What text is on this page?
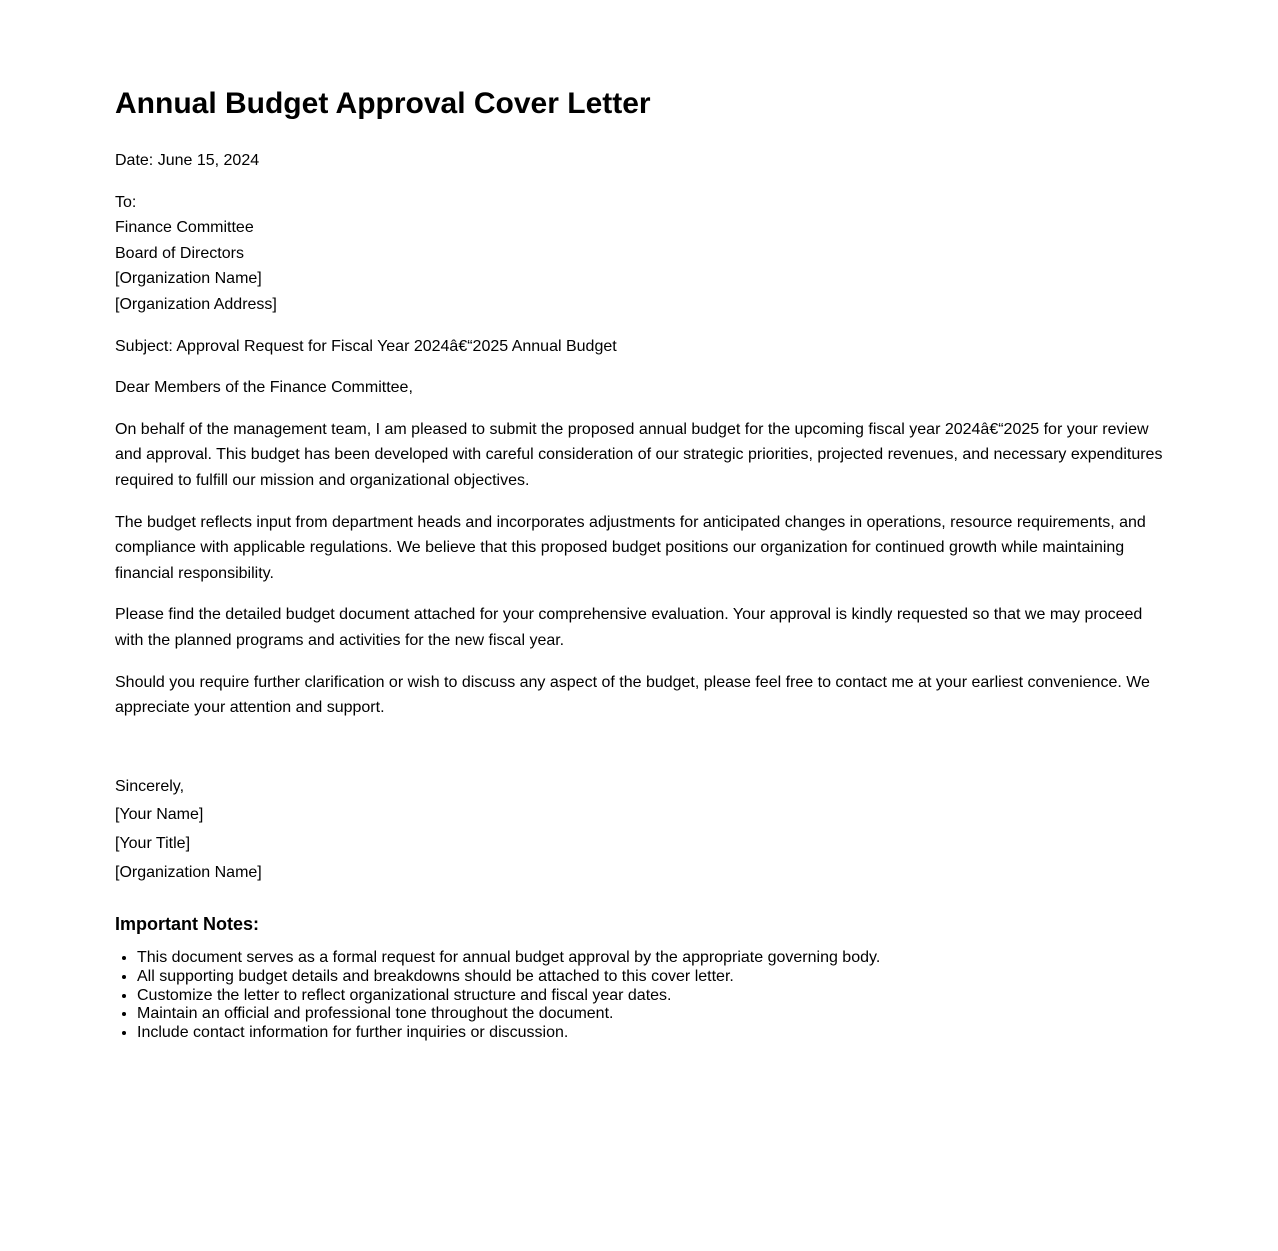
Annual Budget Approval Cover Letter

Date: June 15, 2024

To:
Finance Committee
Board of Directors
[Organization Name]
[Organization Address]

Subject: Approval Request for Fiscal Year 2024â€“2025 Annual Budget

Dear Members of the Finance Committee,

On behalf of the management team, I am pleased to submit the proposed annual budget for the upcoming fiscal year 2024â€“2025 for your review and approval. This budget has been developed with careful consideration of our strategic priorities, projected revenues, and necessary expenditures required to fulfill our mission and organizational objectives.

The budget reflects input from department heads and incorporates adjustments for anticipated changes in operations, resource requirements, and compliance with applicable regulations. We believe that this proposed budget positions our organization for continued growth while maintaining financial responsibility.

Please find the detailed budget document attached for your comprehensive evaluation. Your approval is kindly requested so that we may proceed with the planned programs and activities for the new fiscal year.

Should you require further clarification or wish to discuss any aspect of the budget, please feel free to contact me at your earliest convenience. We appreciate your attention and support.

Sincerely,

[Your Name]

[Your Title]

[Organization Name]

Important Notes:
• This document serves as a formal request for annual budget approval by the appropriate governing body.
• All supporting budget details and breakdowns should be attached to this cover letter.
• Customize the letter to reflect organizational structure and fiscal year dates.
• Maintain an official and professional tone throughout the document.
• Include contact information for further inquiries or discussion.
